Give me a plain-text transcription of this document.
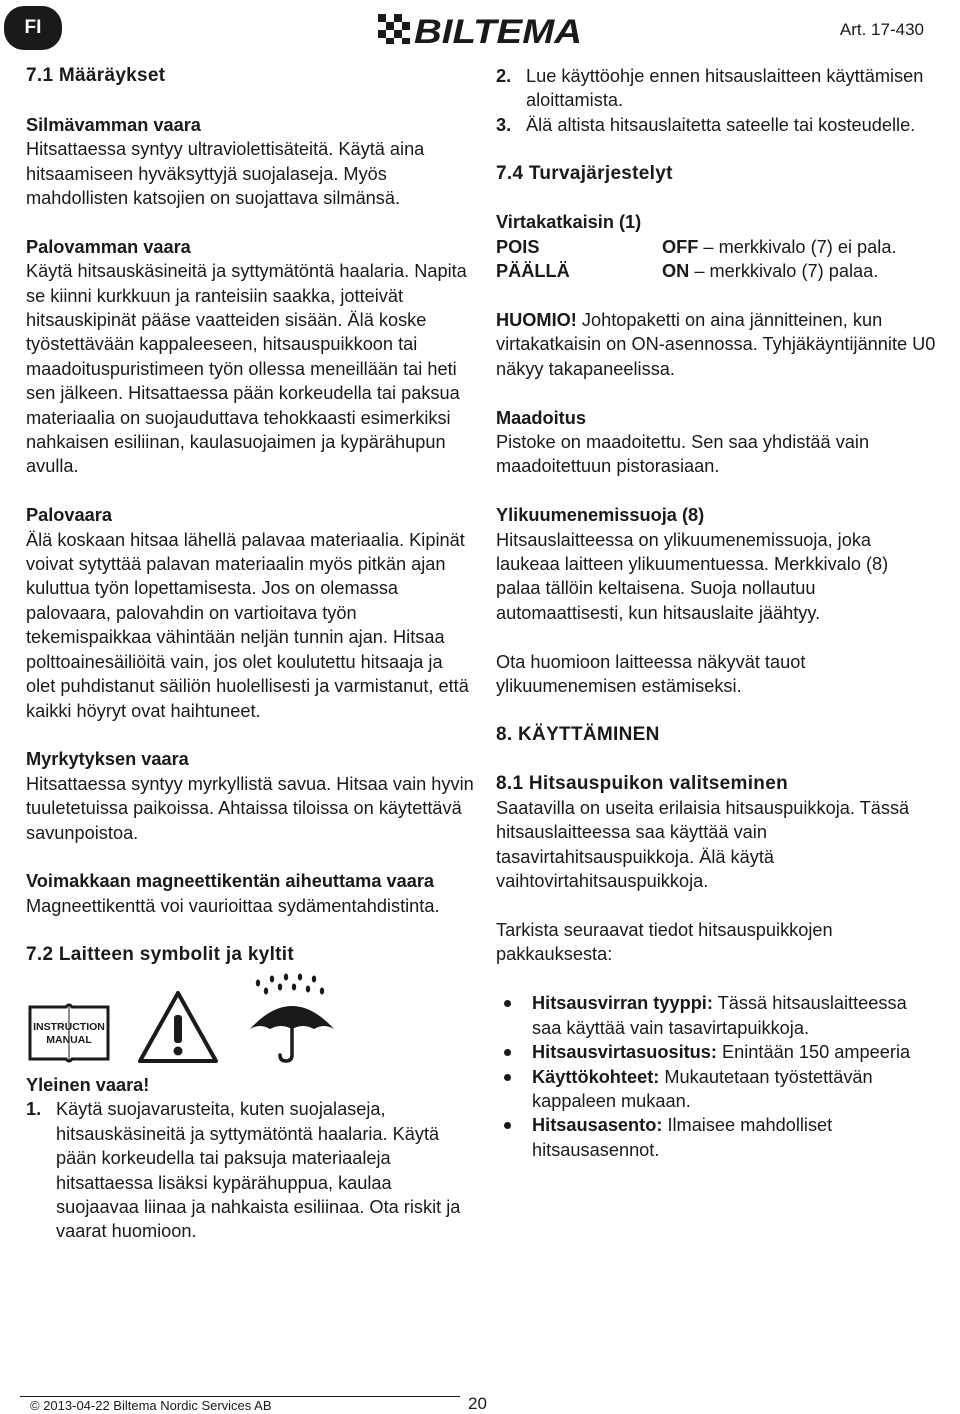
FI	BILTEMA	Art. 17-430

7.1 Määräykset

Silmävamman vaara

Hitsattaessa syntyy ultraviolettisäteitä. Käytä aina hitsaamiseen hyväksyttyjä suojalaseja. Myös mahdollisten katsojien on suojattava silmänsä.

Palovamman vaara

Käytä hitsauskäsineitä ja syttymätöntä haalaria. Napita se kiinni kurkkuun ja ranteisiin saakka, jotteivät hitsauskipinät pääse vaatteiden sisään. Älä koske työstettävään kappaleeseen, hitsauspuikkoon tai maadoituspuristimeen työn ollessa meneillään tai heti sen jälkeen. Hitsattaessa pään korkeudella tai paksua materiaalia on suojauduttava tehokkaasti esimerkiksi nahkaisen esiliinan, kaulasuojaimen ja kypärähupun avulla.

Palovaara

Älä koskaan hitsaa lähellä palavaa materiaalia. Kipinät voivat sytyttää palavan materiaalin myös pitkän ajan kuluttua työn lopettamisesta. Jos on olemassa palovaara, palovahdin on vartioitava työn tekemispaikkaa vähintään neljän tunnin ajan. Hitsaa polttoainesäiliöitä vain, jos olet koulutettu hitsaaja ja olet puhdistanut säiliön huolellisesti ja varmistanut, että kaikki höyryt ovat haihtuneet.

Myrkytyksen vaara

Hitsattaessa syntyy myrkyllistä savua. Hitsaa vain hyvin tuuletetuissa paikoissa. Ahtaissa tiloissa on käytettävä savunpoistoa.

Voimakkaan magneettikentän aiheuttama vaara

Magneettikenttä voi vaurioittaa sydämentahdistinta.

7.2 Laitteen symbolit ja kyltit

INSTRUCTION
MANUAL

Yleinen vaara!

1. Käytä suojavarusteita, kuten suojalaseja, hitsauskäsineitä ja syttymätöntä haalaria. Käytä pään korkeudella tai paksuja materiaaleja hitsattaessa lisäksi kypärähuppua, kaulaa suojaavaa liinaa ja nahkaista esiliinaa. Ota riskit ja vaarat huomioon.
2. Lue käyttöohje ennen hitsauslaitteen käyttämisen aloittamista.
3. Älä altista hitsauslaitetta sateelle tai kosteudelle.

7.4 Turvajärjestelyt

Virtakatkaisin (1)

POIS	OFF – merkkivalo (7) ei pala.
PÄÄLLÄ	ON – merkkivalo (7) palaa.

HUOMIO! Johtopaketti on aina jännitteinen, kun virtakatkaisin on ON-asennossa. Tyhjäkäyntijännite U0 näkyy takapaneelissa.

Maadoitus

Pistoke on maadoitettu. Sen saa yhdistää vain maadoitettuun pistorasiaan.

Ylikuumenemissuoja (8)

Hitsauslaitteessa on ylikuumenemissuoja, joka laukeaa laitteen ylikuumentuessa. Merkkivalo (8) palaa tällöin keltaisena. Suoja nollautuu automaattisesti, kun hitsauslaite jäähtyy.

Ota huomioon laitteessa näkyvät tauot ylikuumenemisen estämiseksi.

8. KÄYTTÄMINEN

8.1 Hitsauspuikon valitseminen

Saatavilla on useita erilaisia hitsauspuikkoja. Tässä hitsauslaitteessa saa käyttää vain tasavirtahitsauspuikkoja. Älä käytä vaihtovirtahitsauspuikkoja.

Tarkista seuraavat tiedot hitsauspuikkojen pakkauksesta:

Hitsausvirran tyyppi: Tässä hitsauslaitteessa saa käyttää vain tasavirtapuikkoja.
Hitsausvirtasuositus: Enintään 150 ampeeria
Käyttökohteet: Mukautetaan työstettävän kappaleen mukaan.
Hitsausasento: Ilmaisee mahdolliset hitsausasennot.
© 2013-04-22 Biltema Nordic Services AB	20
